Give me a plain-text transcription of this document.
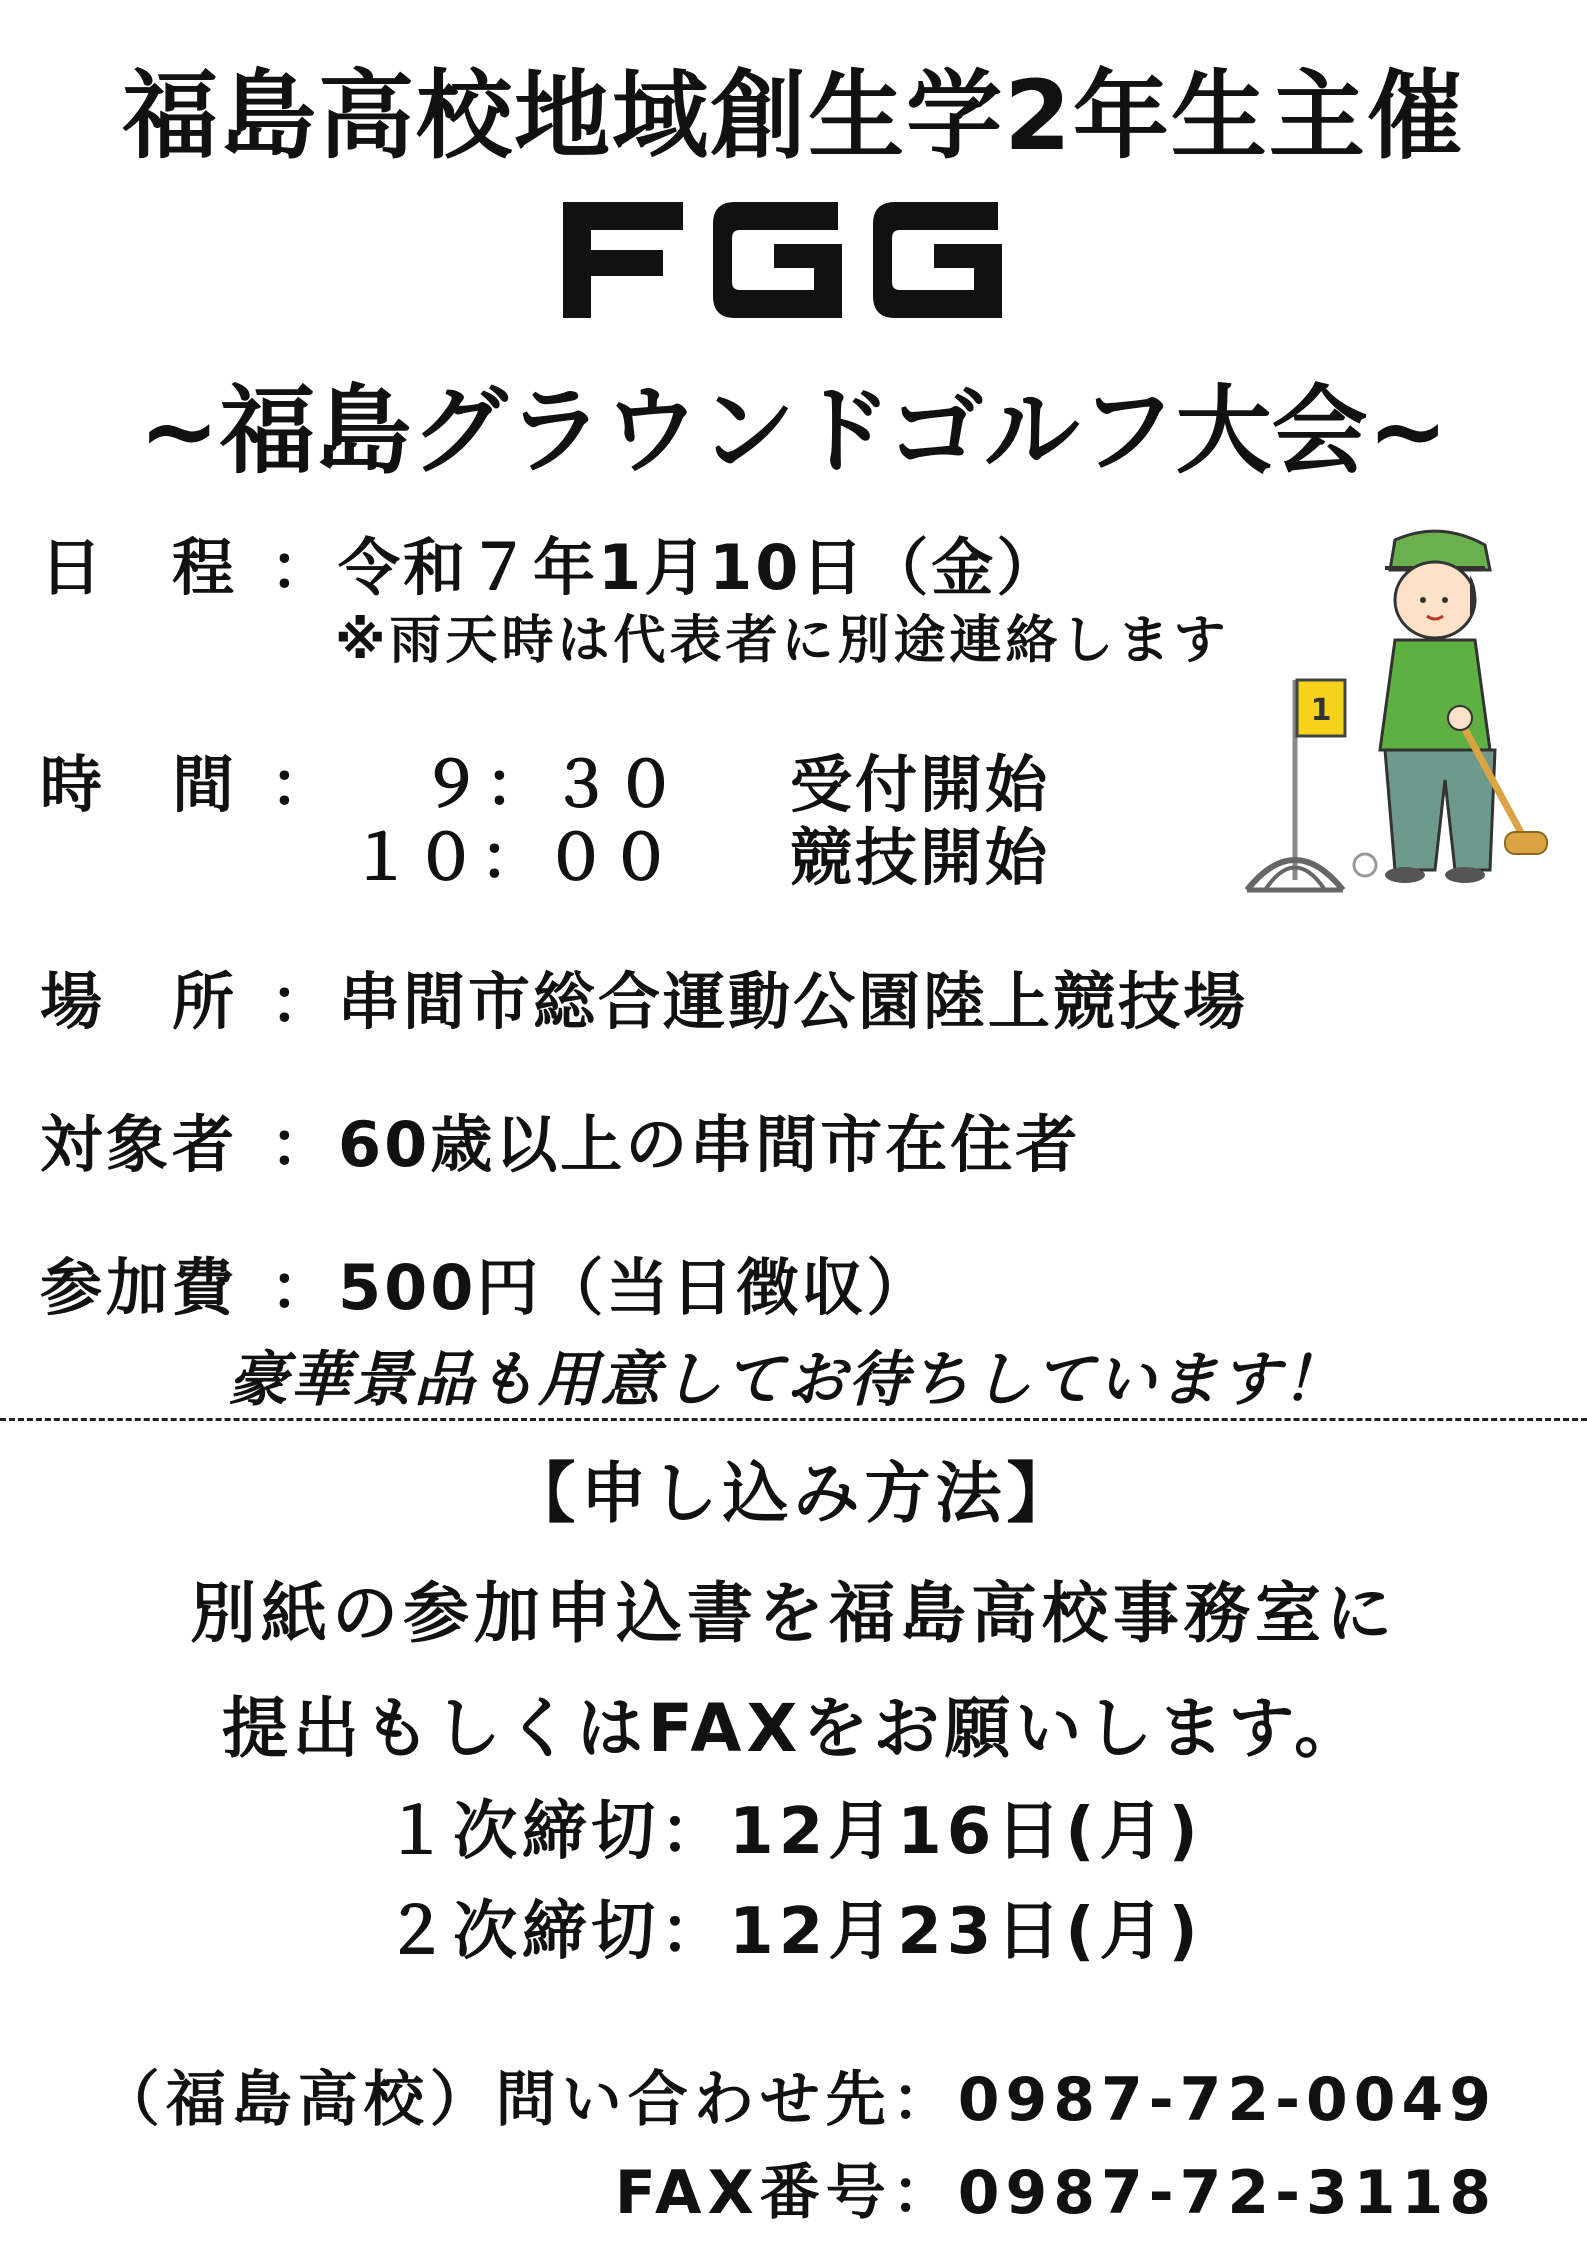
福島高校地域創生学2年生主催
~福島グラウンドゴルフ大会~
日　程 ： 令和７年1月10日（金）
※雨天時は代表者に別途連絡します
時　間 ： ９：３０ 受付開始
１０：００ 競技開始
場　所 ： 串間市総合運動公園陸上競技場
対象者 ： 60歳以上の串間市在住者
参加費 ： 500円（当日徴収）
豪華景品も用意してお待ちしています！
【申し込み方法】
別紙の参加申込書を福島高校事務室に
提出もしくはFAXをお願いします。
１次締切：12月16日(月)
２次締切：12月23日(月)
（福島高校）問い合わせ先：0987-72-0049
FAX番号：0987-72-3118
1
